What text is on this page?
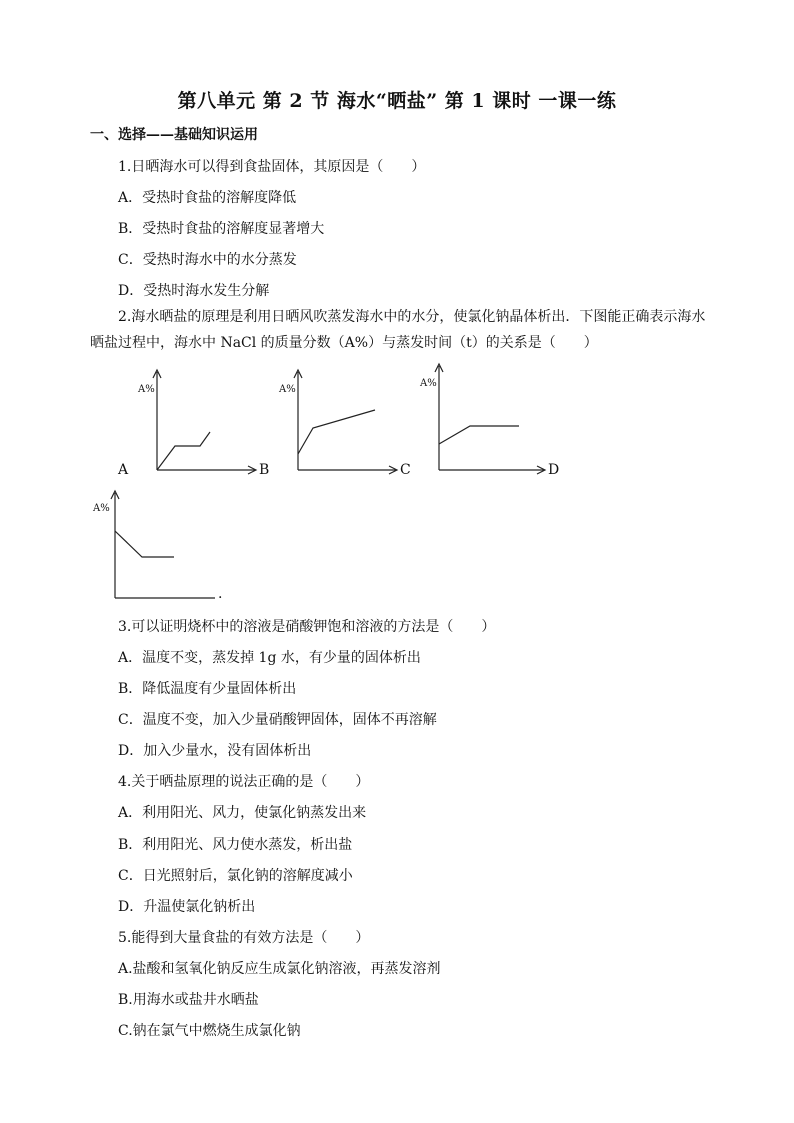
第八单元 第 2 节 海水“晒盐” 第 1 课时 一课一练
一、选择——基础知识运用
1.日晒海水可以得到食盐固体，其原因是（　　）
A．受热时食盐的溶解度降低
B．受热时食盐的溶解度显著增大
C．受热时海水中的水分蒸发
D．受热时海水发生分解
2.海水晒盐的原理是利用日晒风吹蒸发海水中的水分，使氯化钠晶体析出．下图能正确表示海水
晒盐过程中，海水中 NaCl 的质量分数（A%）与蒸发时间（t）的关系是（　　）
A%	A%
A%
A%
A	B	C	D
.
3.可以证明烧杯中的溶液是硝酸钾饱和溶液的方法是（　　）
A．温度不变，蒸发掉 1g 水，有少量的固体析出
B．降低温度有少量固体析出
C．温度不变，加入少量硝酸钾固体，固体不再溶解
D．加入少量水，没有固体析出
4.关于晒盐原理的说法正确的是（　　）
A．利用阳光、风力，使氯化钠蒸发出来
B．利用阳光、风力使水蒸发，析出盐
C．日光照射后，氯化钠的溶解度减小
D．升温使氯化钠析出
5.能得到大量食盐的有效方法是（　　）
A.盐酸和氢氧化钠反应生成氯化钠溶液，再蒸发溶剂
B.用海水或盐井水晒盐
C.钠在氯气中燃烧生成氯化钠
